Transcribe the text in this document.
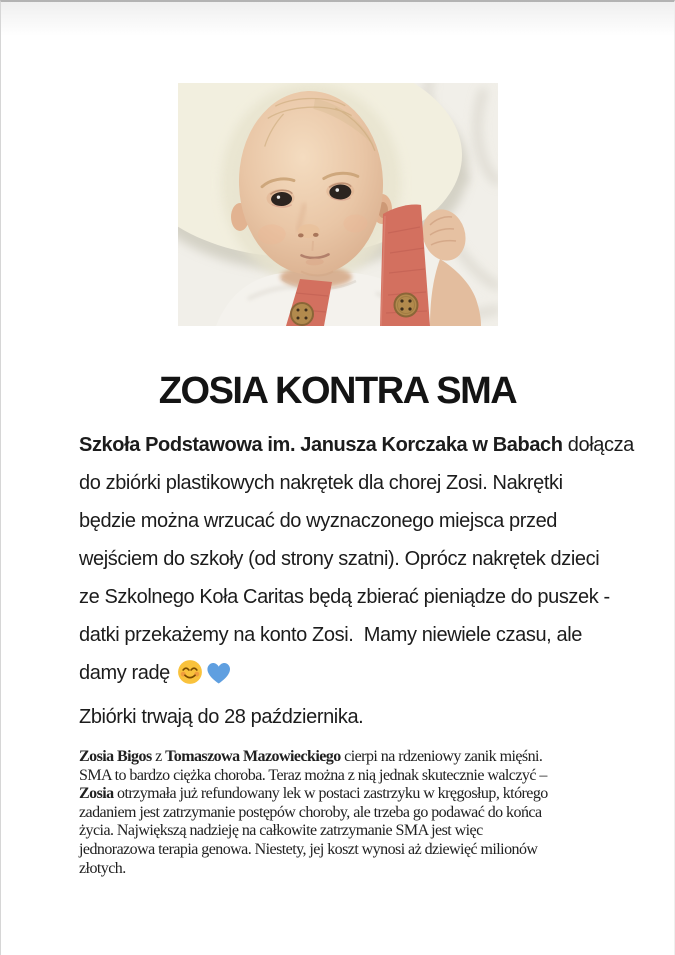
ZOSIA KONTRA SMA
Szkoła Podstawowa im. Janusza Korczaka w Babach dołącza
do zbiórki plastikowych nakrętek dla chorej Zosi. Nakrętki
będzie można wrzucać do wyznaczonego miejsca przed
wejściem do szkoły (od strony szatni). Oprócz nakrętek dzieci
ze Szkolnego Koła Caritas będą zbierać pieniądze do puszek -
datki przekażemy na konto Zosi.  Mamy niewiele czasu, ale
damy radę

Zbiórki trwają do 28 października.

Zosia Bigos z Tomaszowa Mazowieckiego cierpi na rdzeniowy zanik mięśni.
SMA to bardzo ciężka choroba. Teraz można z nią jednak skutecznie walczyć –
Zosia otrzymała już refundowany lek w postaci zastrzyku w kręgosłup, którego
zadaniem jest zatrzymanie postępów choroby, ale trzeba go podawać do końca
życia. Największą nadzieję na całkowite zatrzymanie SMA jest więc
jednorazowa terapia genowa. Niestety, jej koszt wynosi aż dziewięć milionów
złotych.
